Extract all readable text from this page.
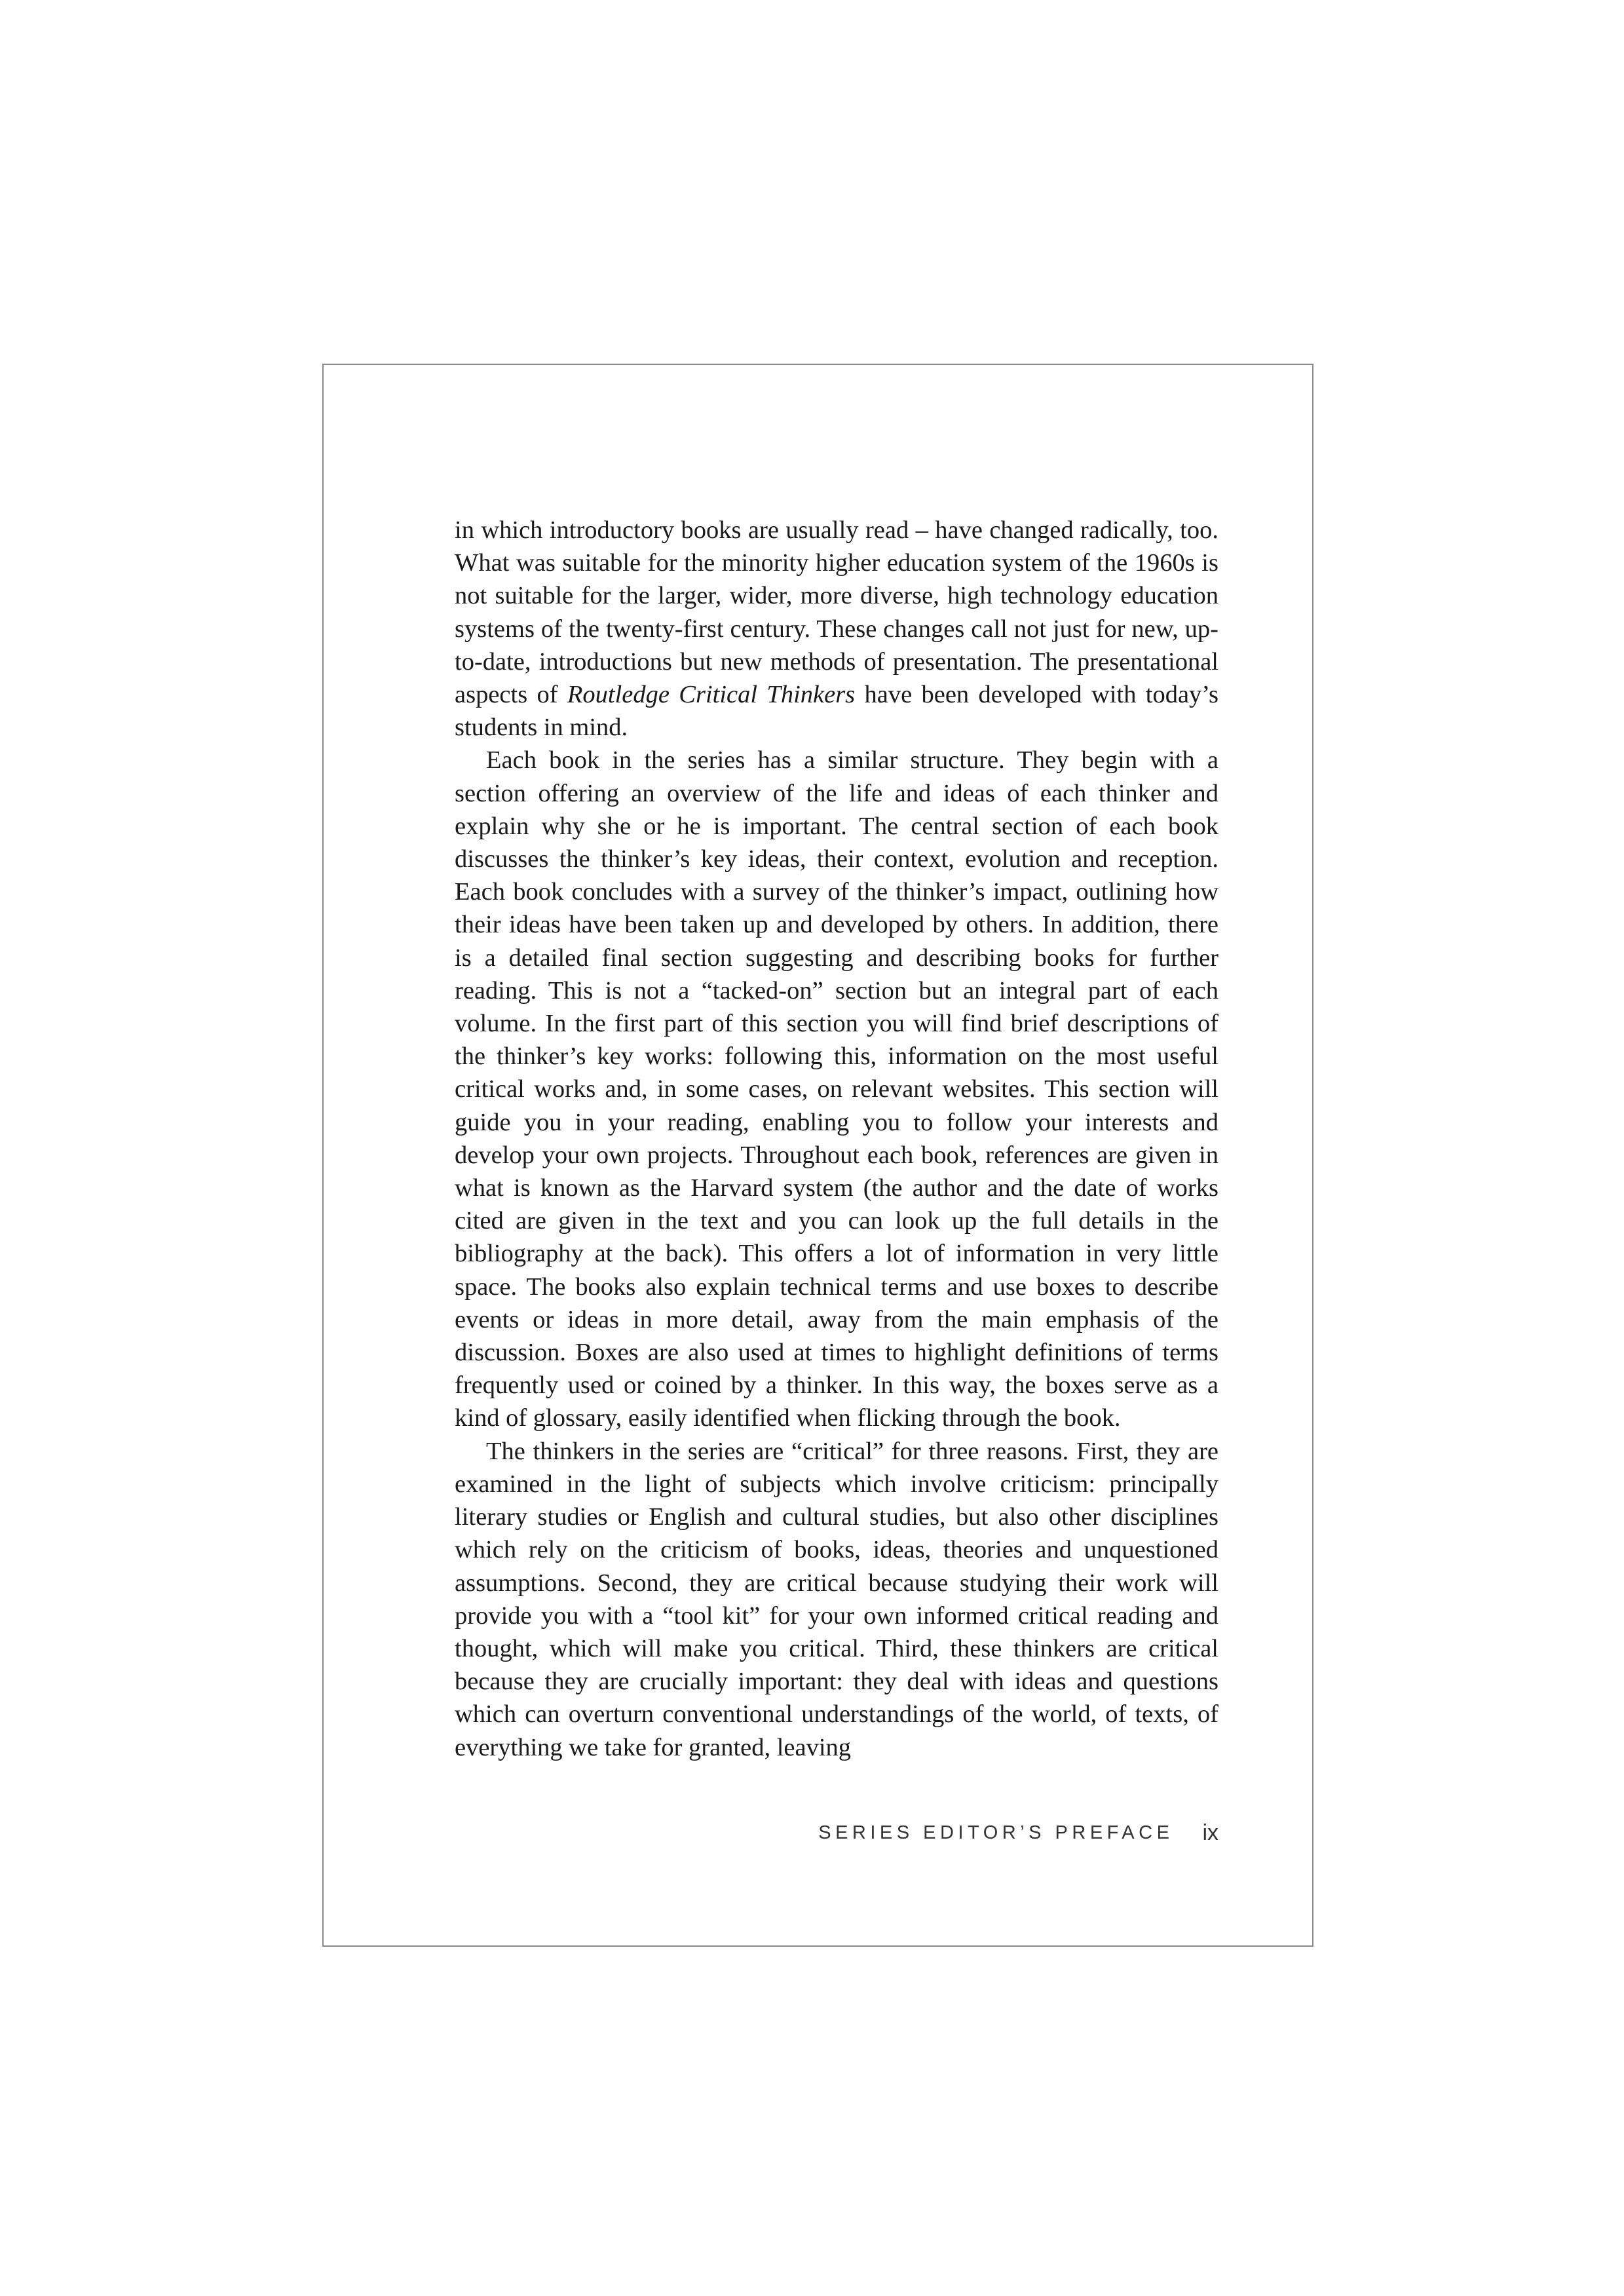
in which introductory books are usually read – have changed radically, too. What was suitable for the minority higher education system of the 1960s is not suitable for the larger, wider, more diverse, high technology education systems of the twenty-first century. These changes call not just for new, up-to-date, introductions but new methods of presentation. The presentational aspects of Routledge Critical Thinkers have been developed with today’s students in mind.

Each book in the series has a similar structure. They begin with a section offering an overview of the life and ideas of each thinker and explain why she or he is important. The central section of each book discusses the thinker’s key ideas, their context, evolution and reception. Each book concludes with a survey of the thinker’s impact, outlining how their ideas have been taken up and developed by others. In addition, there is a detailed final section suggesting and describing books for further reading. This is not a “tacked-on” section but an integral part of each volume. In the first part of this section you will find brief descriptions of the thinker’s key works: following this, information on the most useful critical works and, in some cases, on relevant websites. This section will guide you in your reading, enabling you to follow your interests and develop your own projects. Throughout each book, references are given in what is known as the Harvard system (the author and the date of works cited are given in the text and you can look up the full details in the bibliography at the back). This offers a lot of information in very little space. The books also explain technical terms and use boxes to describe events or ideas in more detail, away from the main emphasis of the discussion. Boxes are also used at times to highlight definitions of terms frequently used or coined by a thinker. In this way, the boxes serve as a kind of glossary, easily identified when flicking through the book.

The thinkers in the series are “critical” for three reasons. First, they are examined in the light of subjects which involve criticism: principally literary studies or English and cultural studies, but also other disciplines which rely on the criticism of books, ideas, theories and unquestioned assumptions. Second, they are critical because studying their work will provide you with a “tool kit” for your own informed critical reading and thought, which will make you critical. Third, these thinkers are critical because they are crucially important: they deal with ideas and questions which can overturn conventional understandings of the world, of texts, of everything we take for granted, leaving

SERIES EDITOR’S PREFACE ix
